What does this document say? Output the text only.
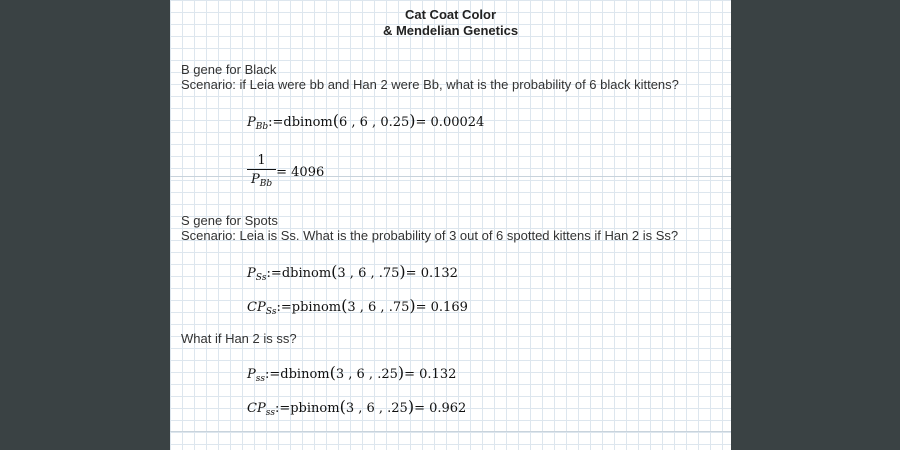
Cat Coat Color
& Mendelian Genetics
B gene for Black
Scenario: if Leia were bb and Han 2 were Bb, what is the probability of 6 black kittens?
$P_{Bb}:=dbinom(6$ , 6 , 0.25)= 0.00024
$\frac{1}{P_{Bb}} = 4096$
S gene for Spots
Scenario: Leia is Ss. What is the probability of 3 out of 6 spotted kittens if Han 2 is Ss?
$P_{Ss}:=dbinom(3$ , 6 , .75)= 0.132
$CP_{Ss}:=pbinom(3$ , 6 , .75)= 0.169
What if Han 2 is ss?
$P_{ss}:=dbinom(3$ , 6 , .25)= 0.132
$CP_{ss}:=pbinom(3$ , 6 , .25)= 0.962
